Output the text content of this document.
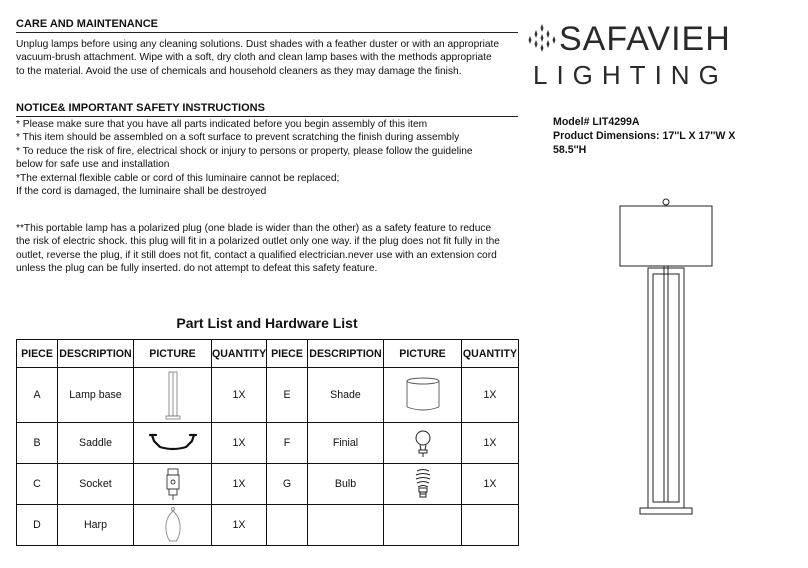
CARE AND MAINTENANCE
Unplug lamps before using any cleaning solutions. Dust shades with a feather duster or with an appropriate
vacuum-brush attachment. Wipe with a soft, dry cloth and clean lamp bases with the methods appropriate
to the material. Avoid the use of chemicals and household cleaners as they may damage the finish.
NOTICE& IMPORTANT SAFETY INSTRUCTIONS
* Please make sure that you have all parts indicated before you begin assembly of this item
* This item should be assembled on a soft surface to prevent scratching the finish during assembly
* To reduce the risk of fire, electrical shock or injury to persons or property, please follow the guideline
below for safe use and installation
*The external flexible cable or cord of this luminaire cannot be replaced;
If the cord is damaged, the luminaire shall be destroyed
**This portable lamp has a polarized plug (one blade is wider than the other) as a safety feature to reduce
the risk of electric shock. this plug will fit in a polarized outlet only one way. if the plug does not fit fully in the
outlet, reverse the plug, if it still does not fit, contact a qualified electrician.never use with an extension cord
unless the plug can be fully inserted. do not attempt to defeat this safety feature.
SAFAVIEH
LIGHTING
Model# LIT4299A
Product Dimensions: 17''L X 17''W X
58.5''H
Part List and Hardware List
PIECE	DESCRIPTION	PICTURE	QUANTITY	PIECE	DESCRIPTION	PICTURE	QUANTITY
A	Lamp base		1X	E	Shade		1X
B	Saddle		1X	F	Finial		1X
C	Socket		1X	G	Bulb		1X
D	Harp		1X				
